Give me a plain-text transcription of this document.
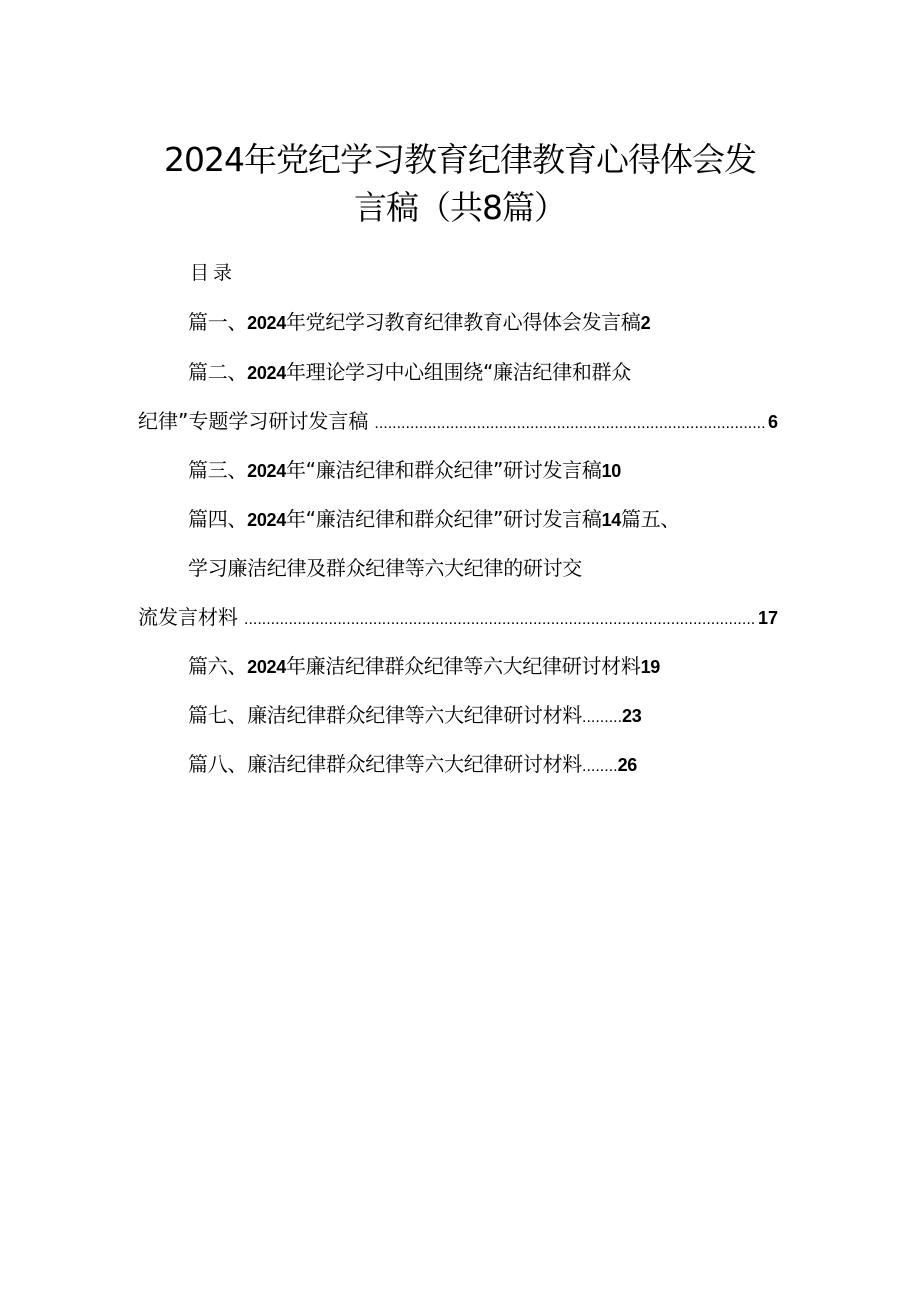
2024年党纪学习教育纪律教育心得体会发
言稿（共8篇）
目录
篇一、2024年党纪学习教育纪律教育心得体会发言稿2
篇二、2024年理论学习中心组围绕“廉洁纪律和群众
纪律”专题学习研讨发言稿 .....	6
篇三、2024年“廉洁纪律和群众纪律”研讨发言稿10
篇四、2024年“廉洁纪律和群众纪律”研讨发言稿14篇五、
学习廉洁纪律及群众纪律等六大纪律的研讨交
流发言材料 .....	17
篇六、2024年廉洁纪律群众纪律等六大纪律研讨材料19
篇七、廉洁纪律群众纪律等六大纪律研讨材料.........23
篇八、廉洁纪律群众纪律等六大纪律研讨材料........26
